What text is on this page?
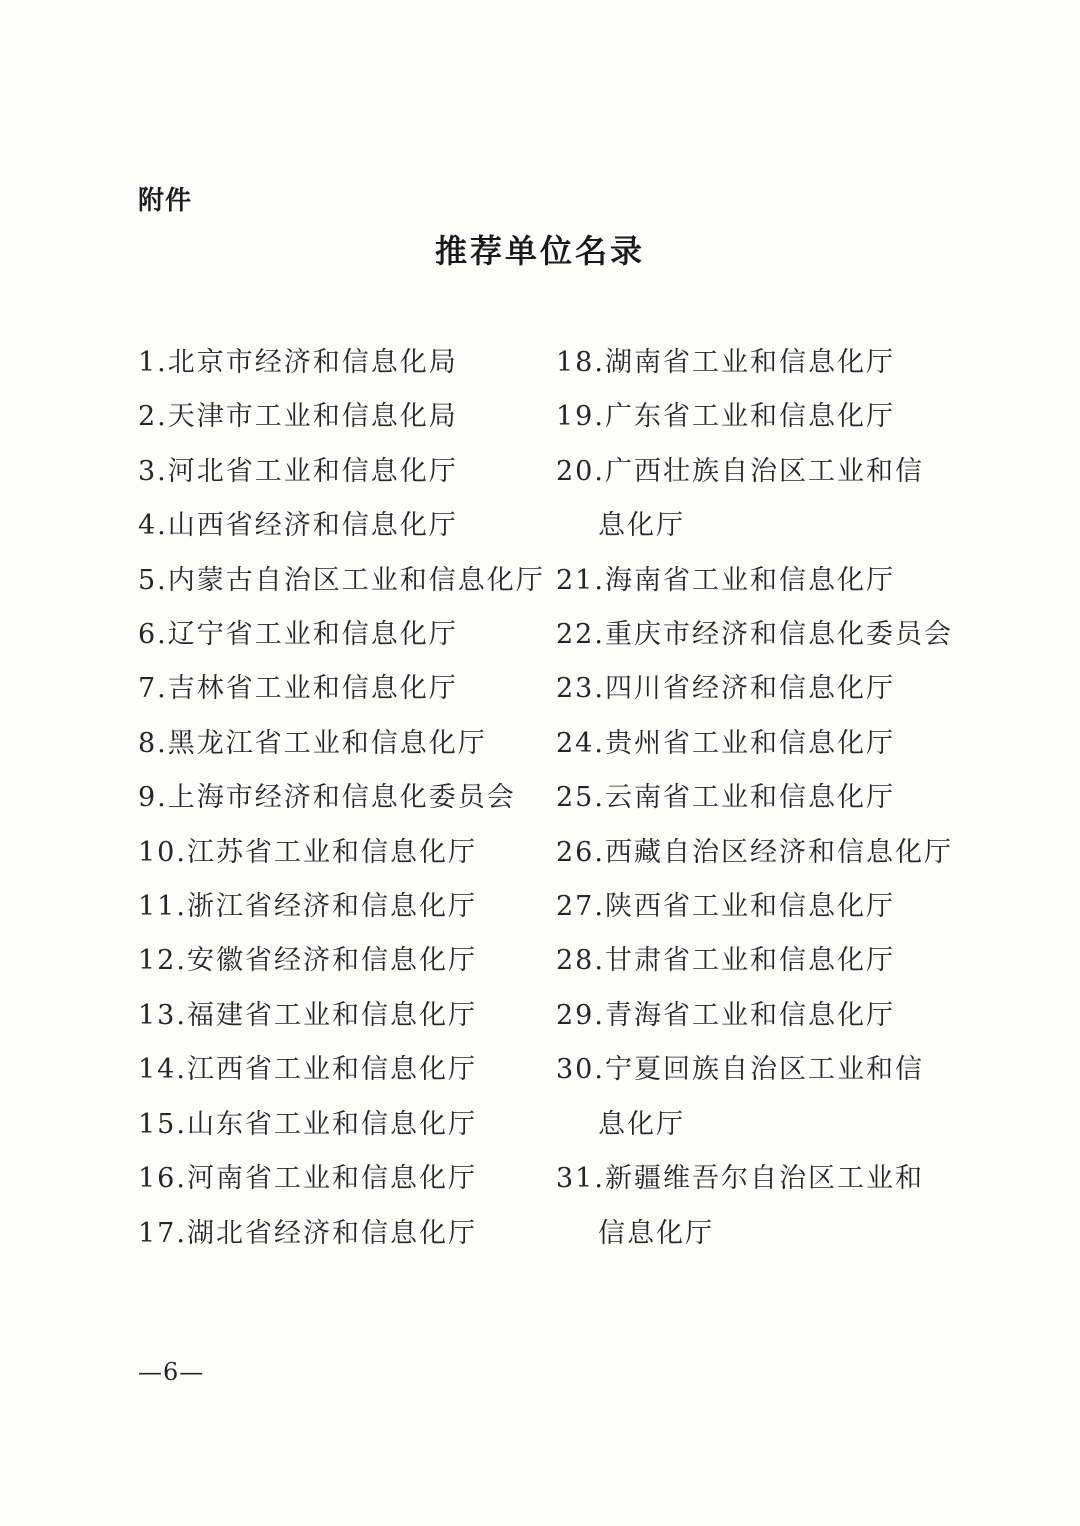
附件
推荐单位名录
1.北京市经济和信息化局
2.天津市工业和信息化局
3.河北省工业和信息化厅
4.山西省经济和信息化厅
5.内蒙古自治区工业和信息化厅
6.辽宁省工业和信息化厅
7.吉林省工业和信息化厅
8.黑龙江省工业和信息化厅
9.上海市经济和信息化委员会
10.江苏省工业和信息化厅
11.浙江省经济和信息化厅
12.安徽省经济和信息化厅
13.福建省工业和信息化厅
14.江西省工业和信息化厅
15.山东省工业和信息化厅
16.河南省工业和信息化厅
17.湖北省经济和信息化厅
18.湖南省工业和信息化厅
19.广东省工业和信息化厅
20.广西壮族自治区工业和信
息化厅
21.海南省工业和信息化厅
22.重庆市经济和信息化委员会
23.四川省经济和信息化厅
24.贵州省工业和信息化厅
25.云南省工业和信息化厅
26.西藏自治区经济和信息化厅
27.陕西省工业和信息化厅
28.甘肃省工业和信息化厅
29.青海省工业和信息化厅
30.宁夏回族自治区工业和信
息化厅
31.新疆维吾尔自治区工业和
信息化厅
—6—
